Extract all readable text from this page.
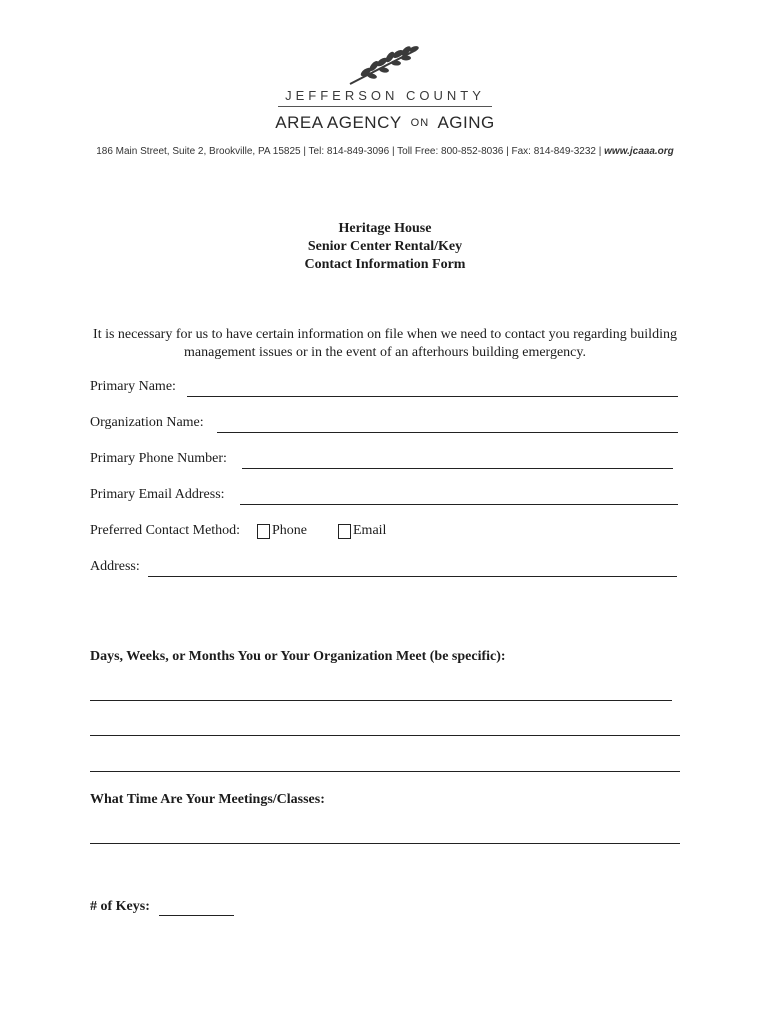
JEFFERSON COUNTY
AREA AGENCY ON AGING
186 Main Street, Suite 2, Brookville, PA 15825 | Tel: 814-849-3096 | Toll Free: 800-852-8036 | Fax: 814-849-3232 | www.jcaaa.org
Heritage House
Senior Center Rental/Key
Contact Information Form
It is necessary for us to have certain information on file when we need to contact you regarding building management issues or in the event of an afterhours building emergency.
Primary Name:
Organization Name:
Primary Phone Number:
Primary Email Address:
Preferred Contact Method: Phone	Email
Address:
Days, Weeks, or Months You or Your Organization Meet (be specific):
What Time Are Your Meetings/Classes:
# of Keys:
